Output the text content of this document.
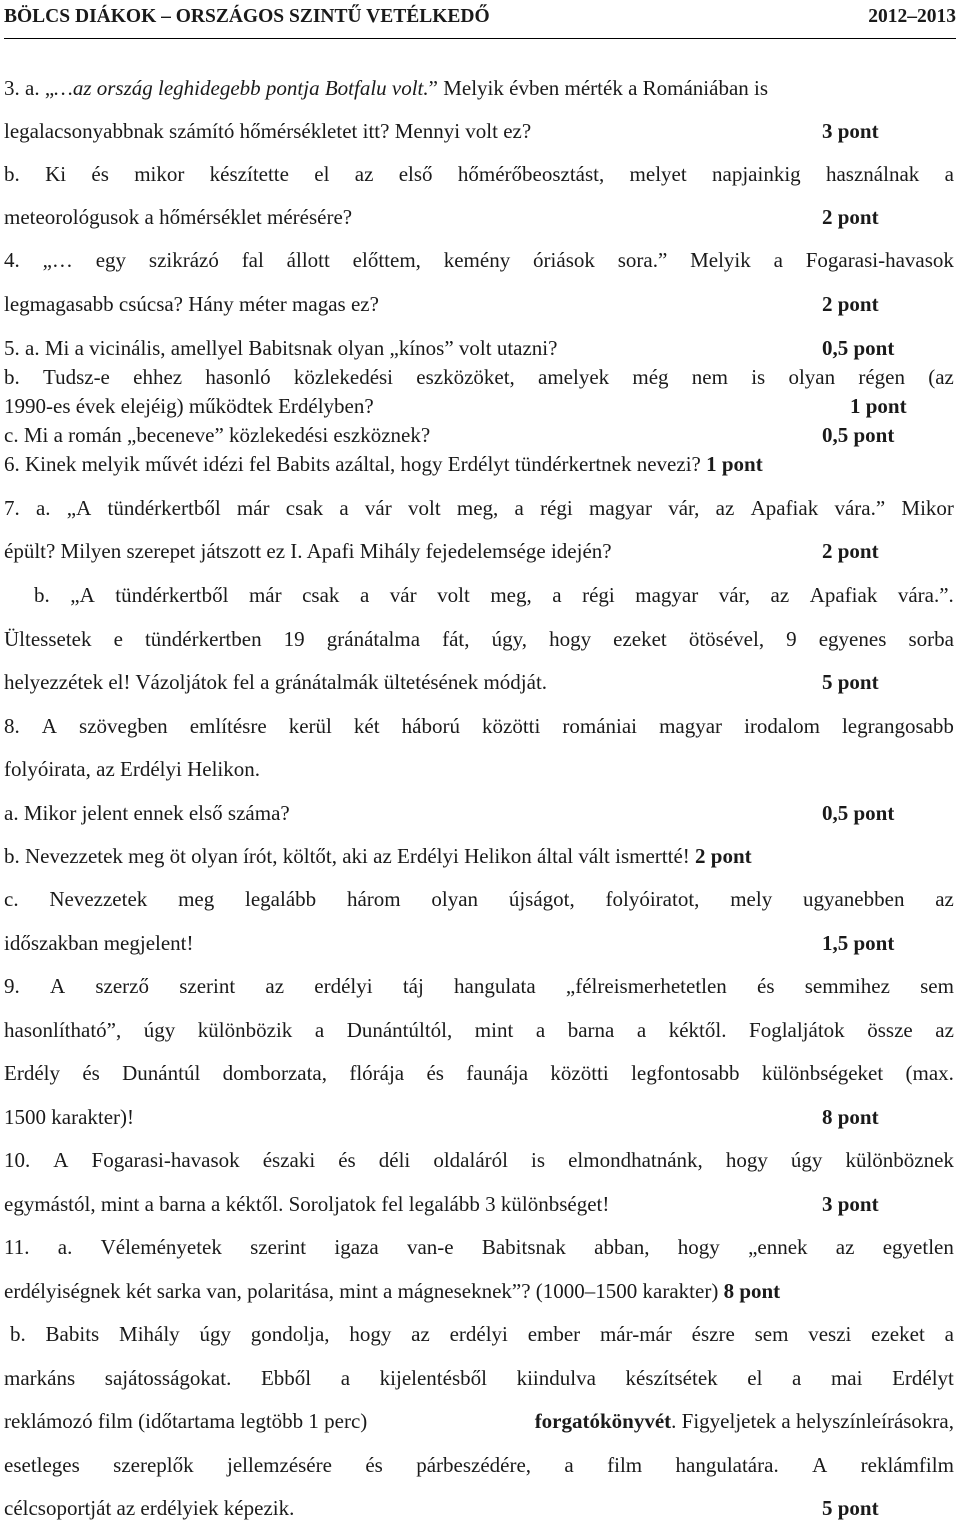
BÖLCS DIÁKOK – ORSZÁGOS SZINTŰ VETÉLKEDŐ	2012–2013
3. a. „…az ország leghidegebb pontja Botfalu volt.” Melyik évben mérték a Romániában is
legalacsonyabbnak számító hőmérsékletet itt? Mennyi volt ez?	3 pont
b. Ki és mikor készítette el az első hőmérőbeosztást, melyet napjainkig használnak a
meteorológusok a hőmérséklet mérésére?	2 pont
4. „… egy szikrázó fal állott előttem, kemény óriások sora.” Melyik a Fogarasi-havasok
legmagasabb csúcsa? Hány méter magas ez?	2 pont
5. a. Mi a vicinális, amellyel Babitsnak olyan „kínos” volt utazni?	0,5 pont
b. Tudsz-e ehhez hasonló közlekedési eszközöket, amelyek még nem is olyan régen (az
1990-es évek elejéig) működtek Erdélyben?	1 pont
c. Mi a román „beceneve” közlekedési eszköznek?	0,5 pont
6. Kinek melyik művét idézi fel Babits azáltal, hogy Erdélyt tündérkertnek nevezi? 1 pont
7. a. „A tündérkertből már csak a vár volt meg, a régi magyar vár, az Apafiak vára.” Mikor
épült? Milyen szerepet játszott ez I. Apafi Mihály fejedelemsége idején?	2 pont
b. „A tündérkertből már csak a vár volt meg, a régi magyar vár, az Apafiak vára.”.
Ültessetek e tündérkertben 19 gránátalma fát, úgy, hogy ezeket ötösével, 9 egyenes sorba
helyezzétek el! Vázoljátok fel a gránátalmák ültetésének módját.	5 pont
8. A szövegben említésre kerül két háború közötti romániai magyar irodalom legrangosabb
folyóirata, az Erdélyi Helikon.
a. Mikor jelent ennek első száma?	0,5 pont
b. Nevezzetek meg öt olyan írót, költőt, aki az Erdélyi Helikon által vált ismertté! 2 pont
c. Nevezzetek meg legalább három olyan újságot, folyóiratot, mely ugyanebben az
időszakban megjelent!	1,5 pont
9. A szerző szerint az erdélyi táj hangulata „félreismerhetetlen és semmihez sem
hasonlítható”, úgy különbözik a Dunántúltól, mint a barna a kéktől. Foglaljátok össze az
Erdély és Dunántúl domborzata, flórája és faunája közötti legfontosabb különbségeket (max.
1500 karakter)!	8 pont
10. A Fogarasi-havasok északi és déli oldaláról is elmondhatnánk, hogy úgy különböznek
egymástól, mint a barna a kéktől. Soroljatok fel legalább 3 különbséget!	3 pont
11. a. Véleményetek szerint igaza van-e Babitsnak abban, hogy „ennek az egyetlen
erdélyiségnek két sarka van, polaritása, mint a mágneseknek”? (1000–1500 karakter) 8 pont
b. Babits Mihály úgy gondolja, hogy az erdélyi ember már-már észre sem veszi ezeket a
markáns sajátosságokat. Ebből a kijelentésből kiindulva készítsétek el a mai Erdélyt
reklámozó film (időtartama legtöbb 1 perc)	forgatókönyvét. Figyeljetek a helyszínleírásokra,
esetleges szereplők jellemzésére és párbeszédére, a film hangulatára. A reklámfilm
célcsoportját az erdélyiek képezik.	5 pont
